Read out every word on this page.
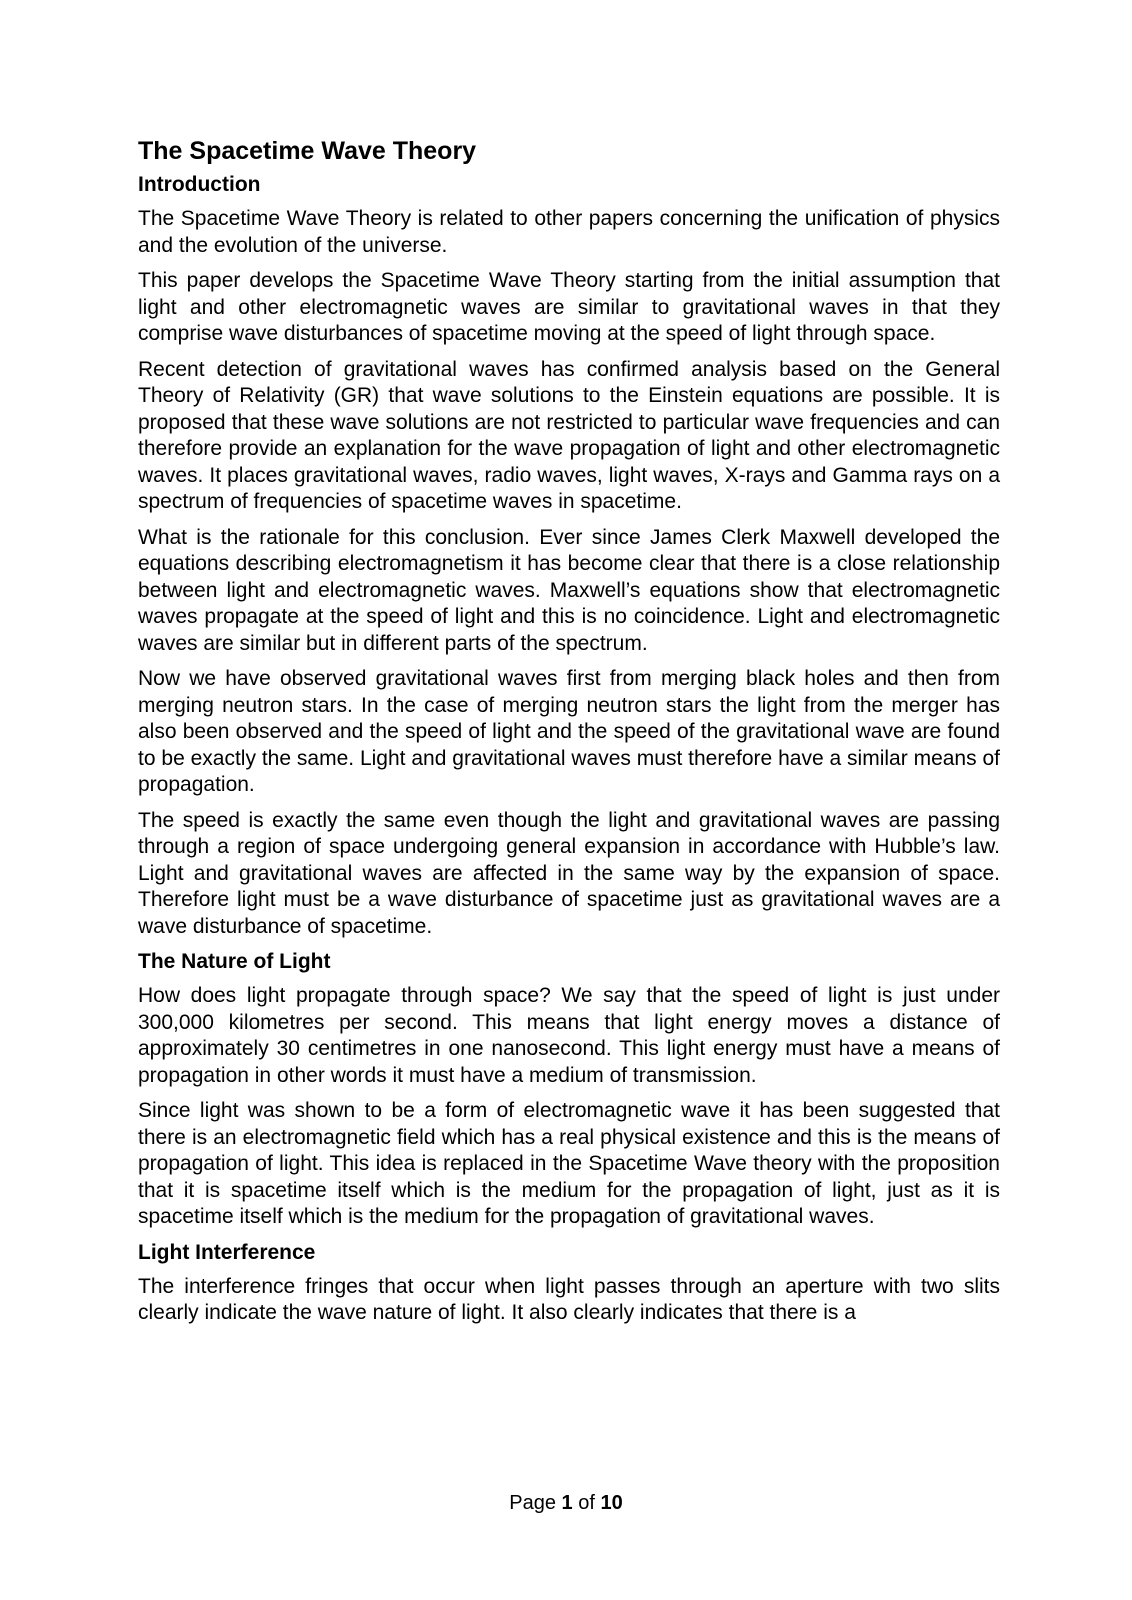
The Spacetime Wave Theory
Introduction

The Spacetime Wave Theory is related to other papers concerning the unification of physics and the evolution of the universe.

This paper develops the Spacetime Wave Theory starting from the initial assumption that light and other electromagnetic waves are similar to gravitational waves in that they comprise wave disturbances of spacetime moving at the speed of light through space.

Recent detection of gravitational waves has confirmed analysis based on the General Theory of Relativity (GR) that wave solutions to the Einstein equations are possible. It is proposed that these wave solutions are not restricted to particular wave frequencies and can therefore provide an explanation for the wave propagation of light and other electromagnetic waves. It places gravitational waves, radio waves, light waves, X-rays and Gamma rays on a spectrum of frequencies of spacetime waves in spacetime.

What is the rationale for this conclusion. Ever since James Clerk Maxwell developed the equations describing electromagnetism it has become clear that there is a close relationship between light and electromagnetic waves. Maxwell’s equations show that electromagnetic waves propagate at the speed of light and this is no coincidence. Light and electromagnetic waves are similar but in different parts of the spectrum.

Now we have observed gravitational waves first from merging black holes and then from merging neutron stars. In the case of merging neutron stars the light from the merger has also been observed and the speed of light and the speed of the gravitational wave are found to be exactly the same. Light and gravitational waves must therefore have a similar means of propagation.

The speed is exactly the same even though the light and gravitational waves are passing through a region of space undergoing general expansion in accordance with Hubble’s law. Light and gravitational waves are affected in the same way by the expansion of space. Therefore light must be a wave disturbance of spacetime just as gravitational waves are a wave disturbance of spacetime.

The Nature of Light

How does light propagate through space? We say that the speed of light is just under 300,000 kilometres per second. This means that light energy moves a distance of approximately 30 centimetres in one nanosecond. This light energy must have a means of propagation in other words it must have a medium of transmission.

Since light was shown to be a form of electromagnetic wave it has been suggested that there is an electromagnetic field which has a real physical existence and this is the means of propagation of light. This idea is replaced in the Spacetime Wave theory with the proposition that it is spacetime itself which is the medium for the propagation of light, just as it is spacetime itself which is the medium for the propagation of gravitational waves.

Light Interference

The interference fringes that occur when light passes through an aperture with two slits clearly indicate the wave nature of light. It also clearly indicates that there is a

Page 1 of 10
